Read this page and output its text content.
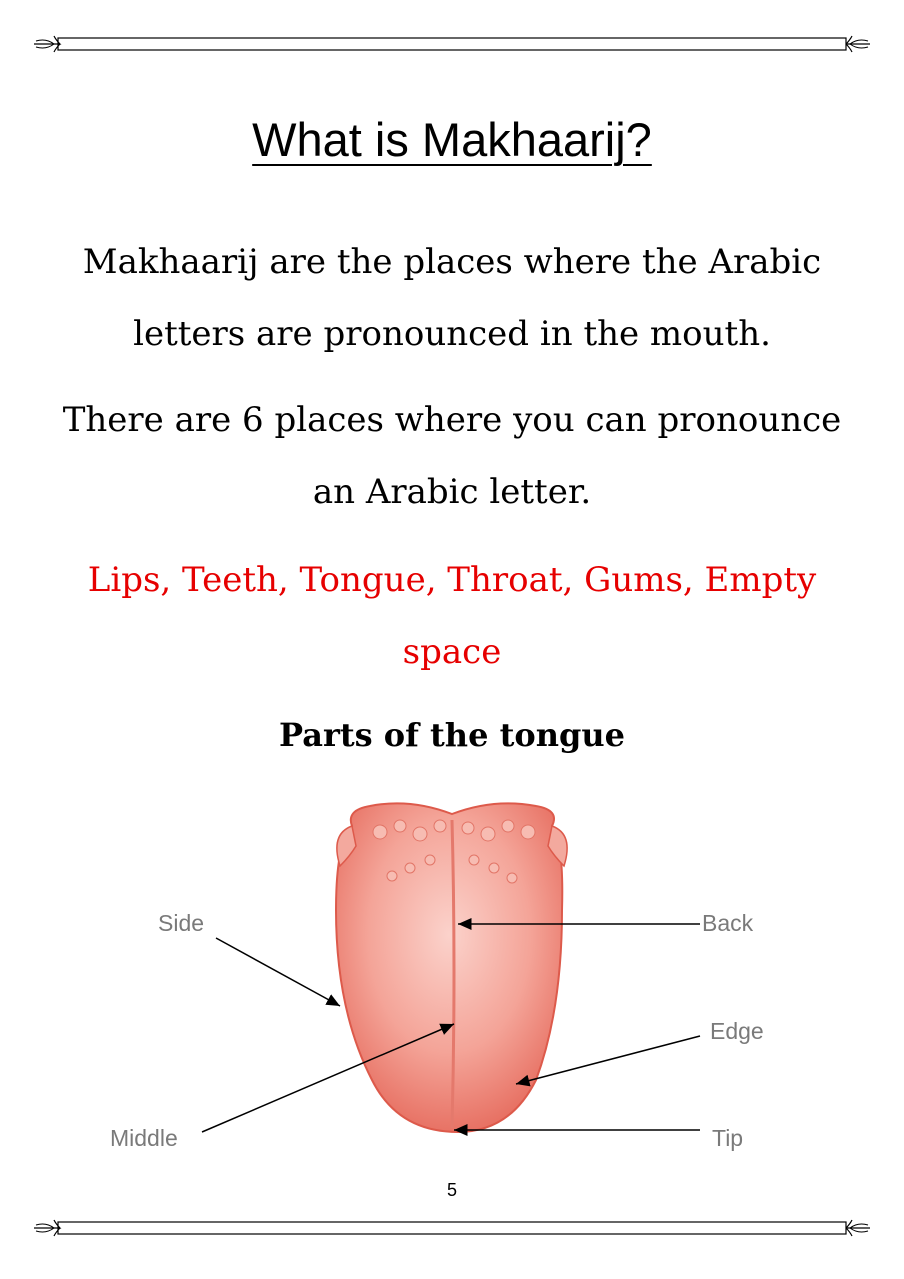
What is Makhaarij?
Makhaarij are the places where the Arabic letters are pronounced in the mouth.
There are 6 places where you can pronounce an Arabic letter.
Lips, Teeth, Tongue, Throat, Gums, Empty space
Parts of the tongue
Side	Back
Edge
Middle	Tip
5
